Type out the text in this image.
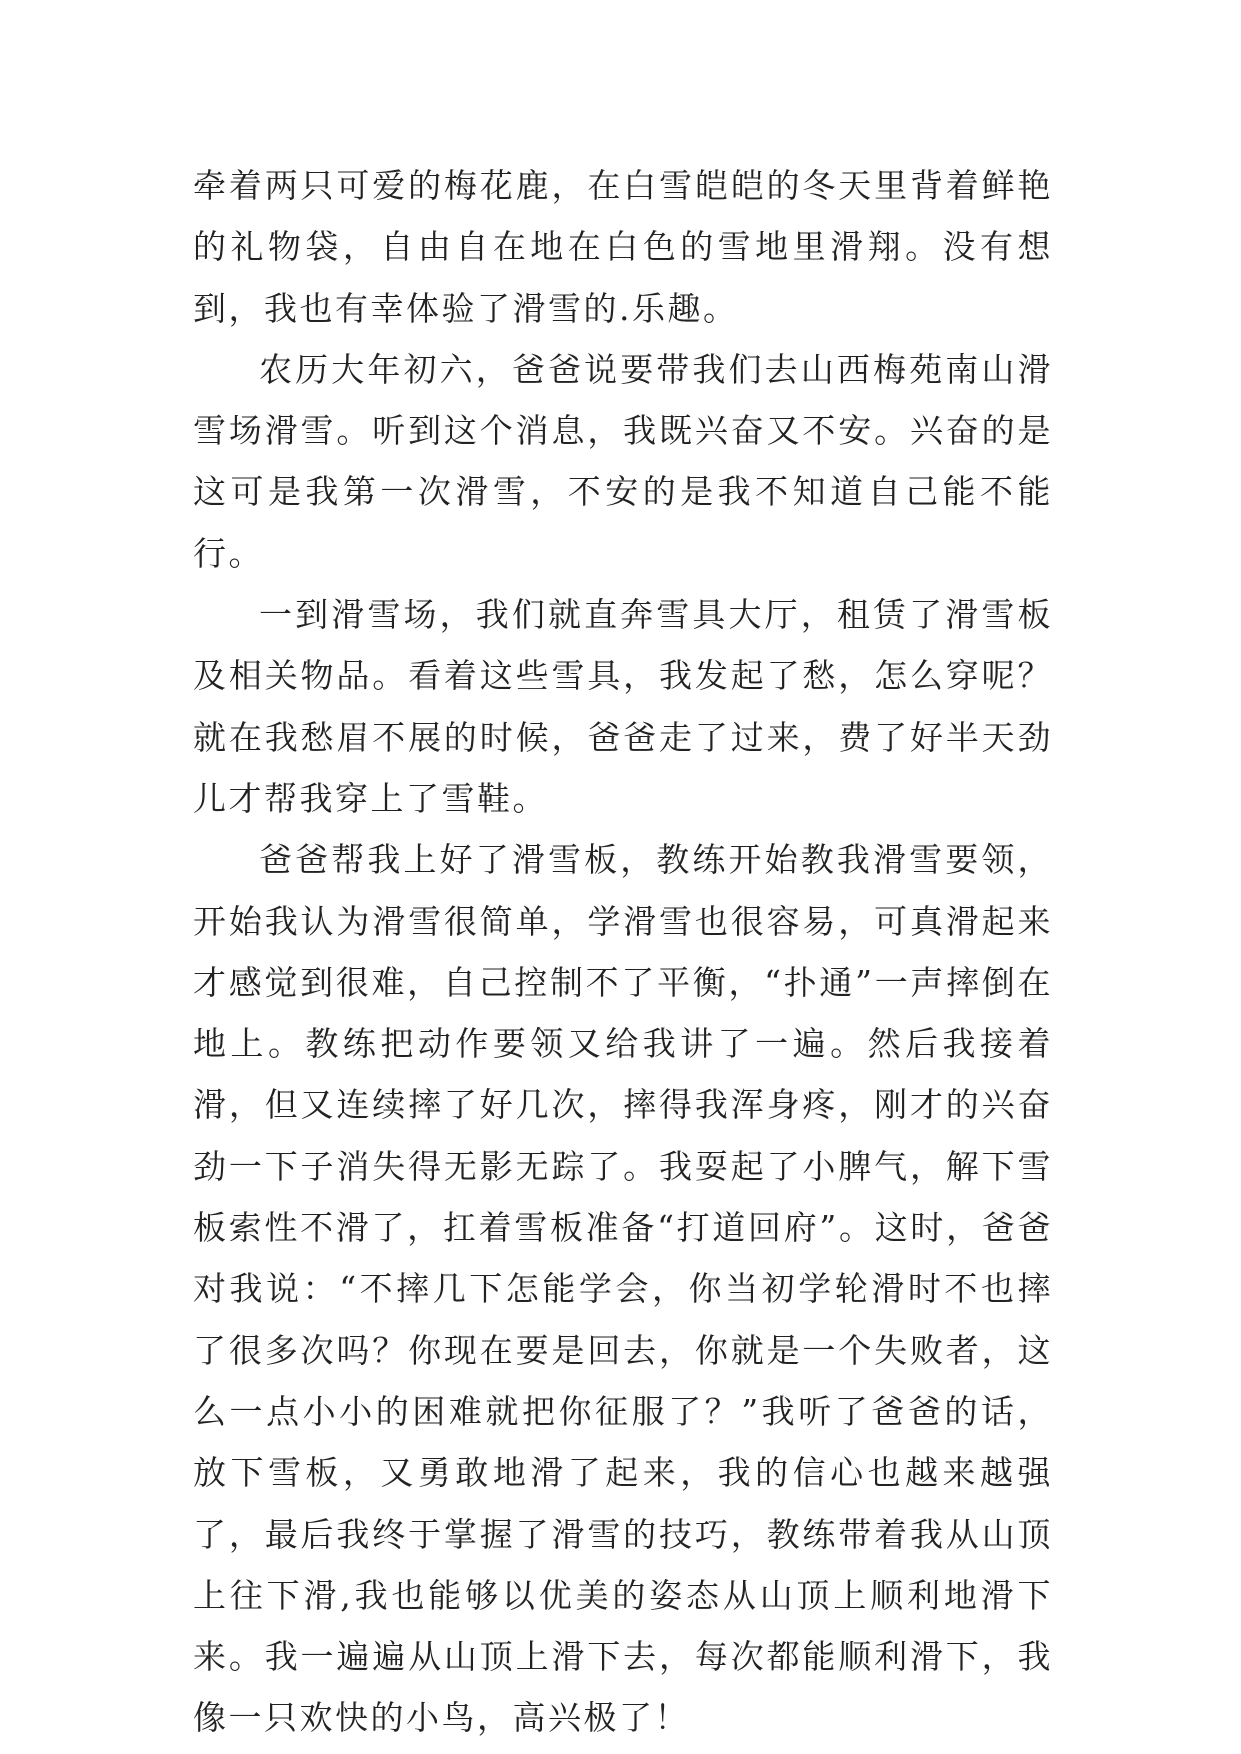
牵着两只可爱的梅花鹿，在白雪皑皑的冬天里背着鲜艳的礼物袋，自由自在地在白色的雪地里滑翔。没有想到，我也有幸体验了滑雪的.乐趣。

农历大年初六，爸爸说要带我们去山西梅苑南山滑雪场滑雪。听到这个消息，我既兴奋又不安。兴奋的是这可是我第一次滑雪，不安的是我不知道自己能不能行。

一到滑雪场，我们就直奔雪具大厅，租赁了滑雪板及相关物品。看着这些雪具，我发起了愁，怎么穿呢？就在我愁眉不展的时候，爸爸走了过来，费了好半天劲儿才帮我穿上了雪鞋。

爸爸帮我上好了滑雪板，教练开始教我滑雪要领，开始我认为滑雪很简单，学滑雪也很容易，可真滑起来才感觉到很难，自己控制不了平衡，“扑通”一声摔倒在地上。教练把动作要领又给我讲了一遍。然后我接着滑，但又连续摔了好几次，摔得我浑身疼，刚才的兴奋劲一下子消失得无影无踪了。我耍起了小脾气，解下雪板索性不滑了，扛着雪板准备“打道回府”。这时，爸爸对我说：“不摔几下怎能学会，你当初学轮滑时不也摔了很多次吗？你现在要是回去，你就是一个失败者，这么一点小小的困难就把你征服了？”我听了爸爸的话，放下雪板，又勇敢地滑了起来，我的信心也越来越强了，最后我终于掌握了滑雪的技巧，教练带着我从山顶上往下滑,我也能够以优美的姿态从山顶上顺利地滑下来。我一遍遍从山顶上滑下去，每次都能顺利滑下，我像一只欢快的小鸟，高兴极了！
